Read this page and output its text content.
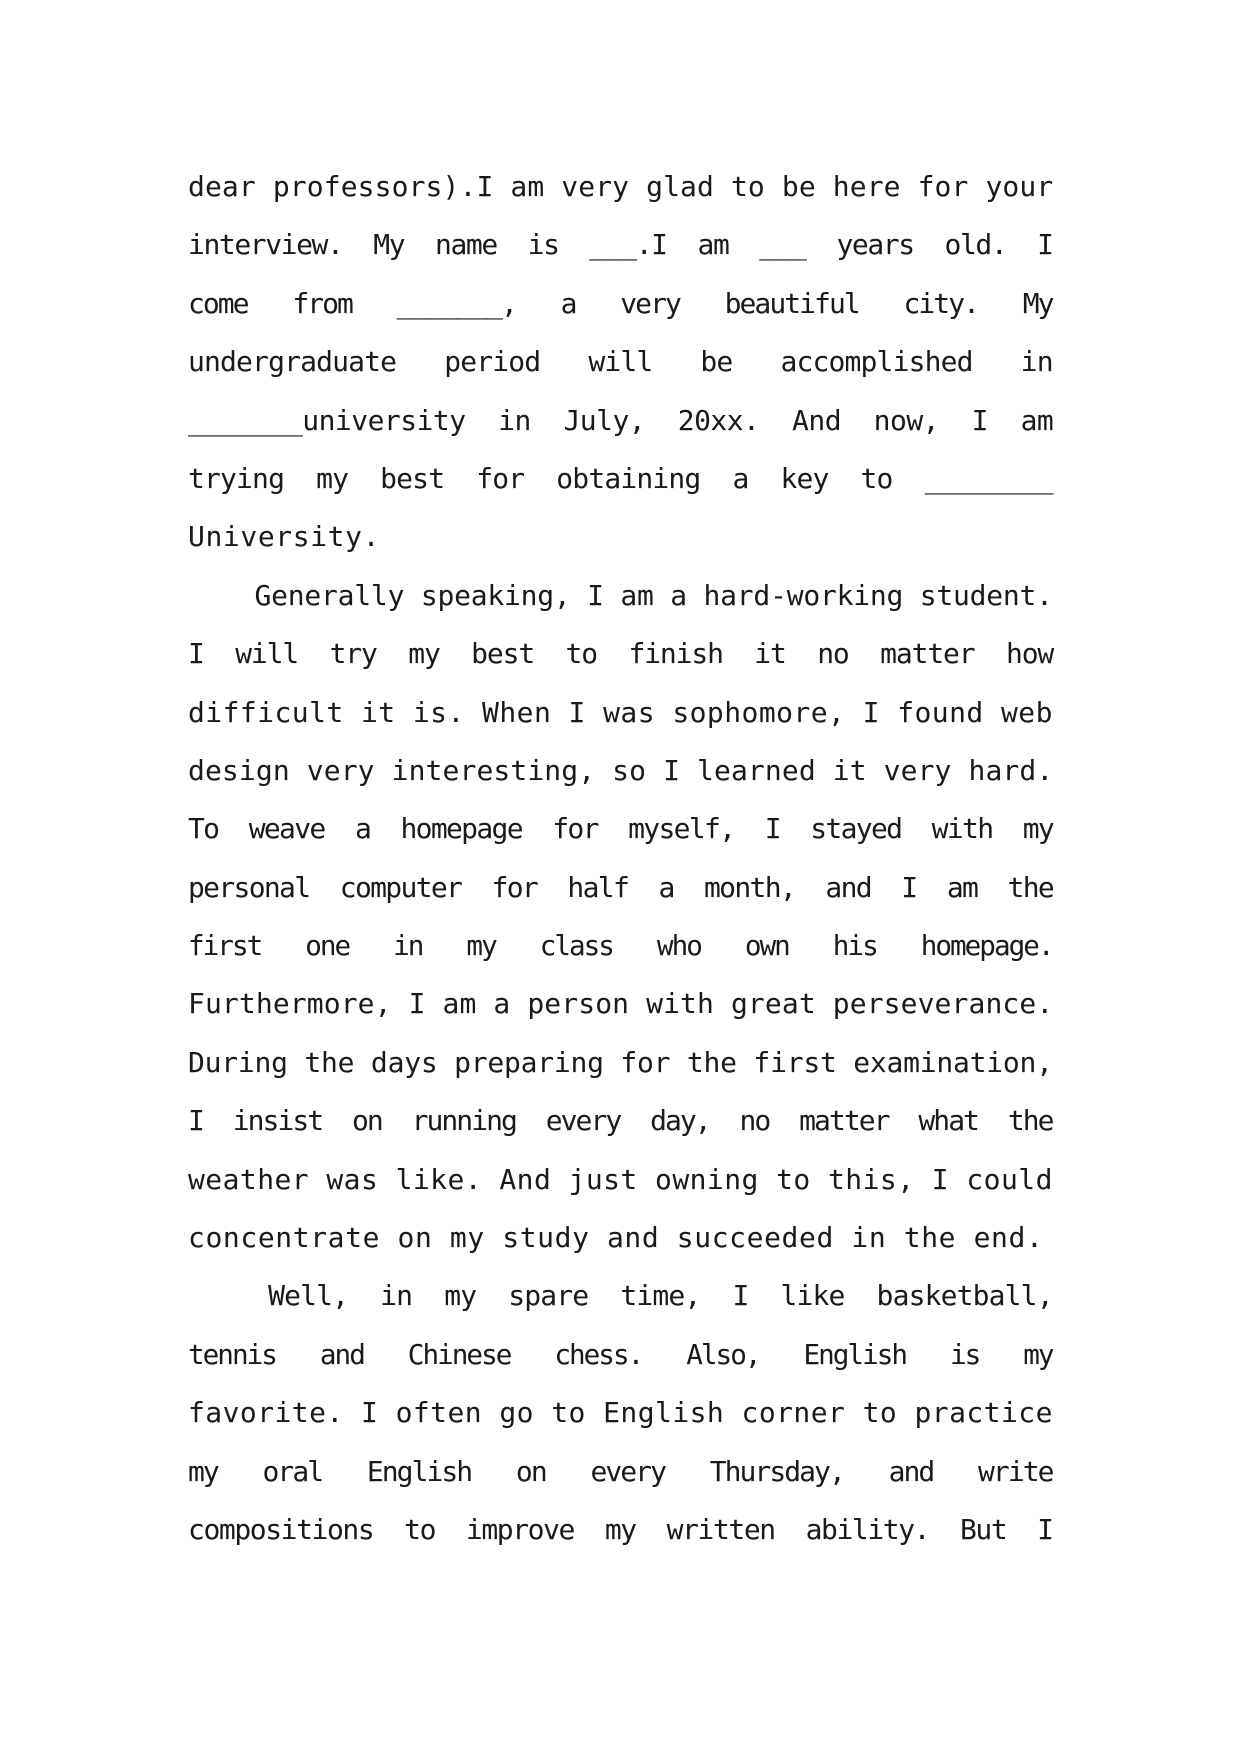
dear professors).I am very glad to be here for your
interview.  My  name  is  ___.I  am  ___  years  old.  I
come   from   _______,   a   very   beautiful   city.   My
undergraduate   period   will   be   accomplished   in
_______university  in  July,  20xx.  And  now,  I  am
trying  my  best  for  obtaining  a  key  to  ________
University.
Generally speaking, I am a hard-working student.
I  will  try  my  best  to  finish  it  no  matter  how
difficult it is. When I was sophomore, I found web
design very interesting, so I learned it very hard.
To  weave  a  homepage  for  myself,  I  stayed  with  my
personal  computer  for  half  a  month,  and  I  am  the
first   one   in   my   class   who   own   his   homepage.
Furthermore, I am a person with great perseverance.
During the days preparing for the first examination,
I  insist  on  running  every  day,  no  matter  what  the
weather was like. And just owning to this, I could
concentrate on my study and succeeded in the end.
Well,  in  my  spare  time,  I  like  basketball,
tennis   and   Chinese   chess.   Also,   English   is   my
favorite. I often go to English corner to practice
my   oral   English   on   every   Thursday,   and   write
compositions  to  improve  my  written  ability.  But  I
